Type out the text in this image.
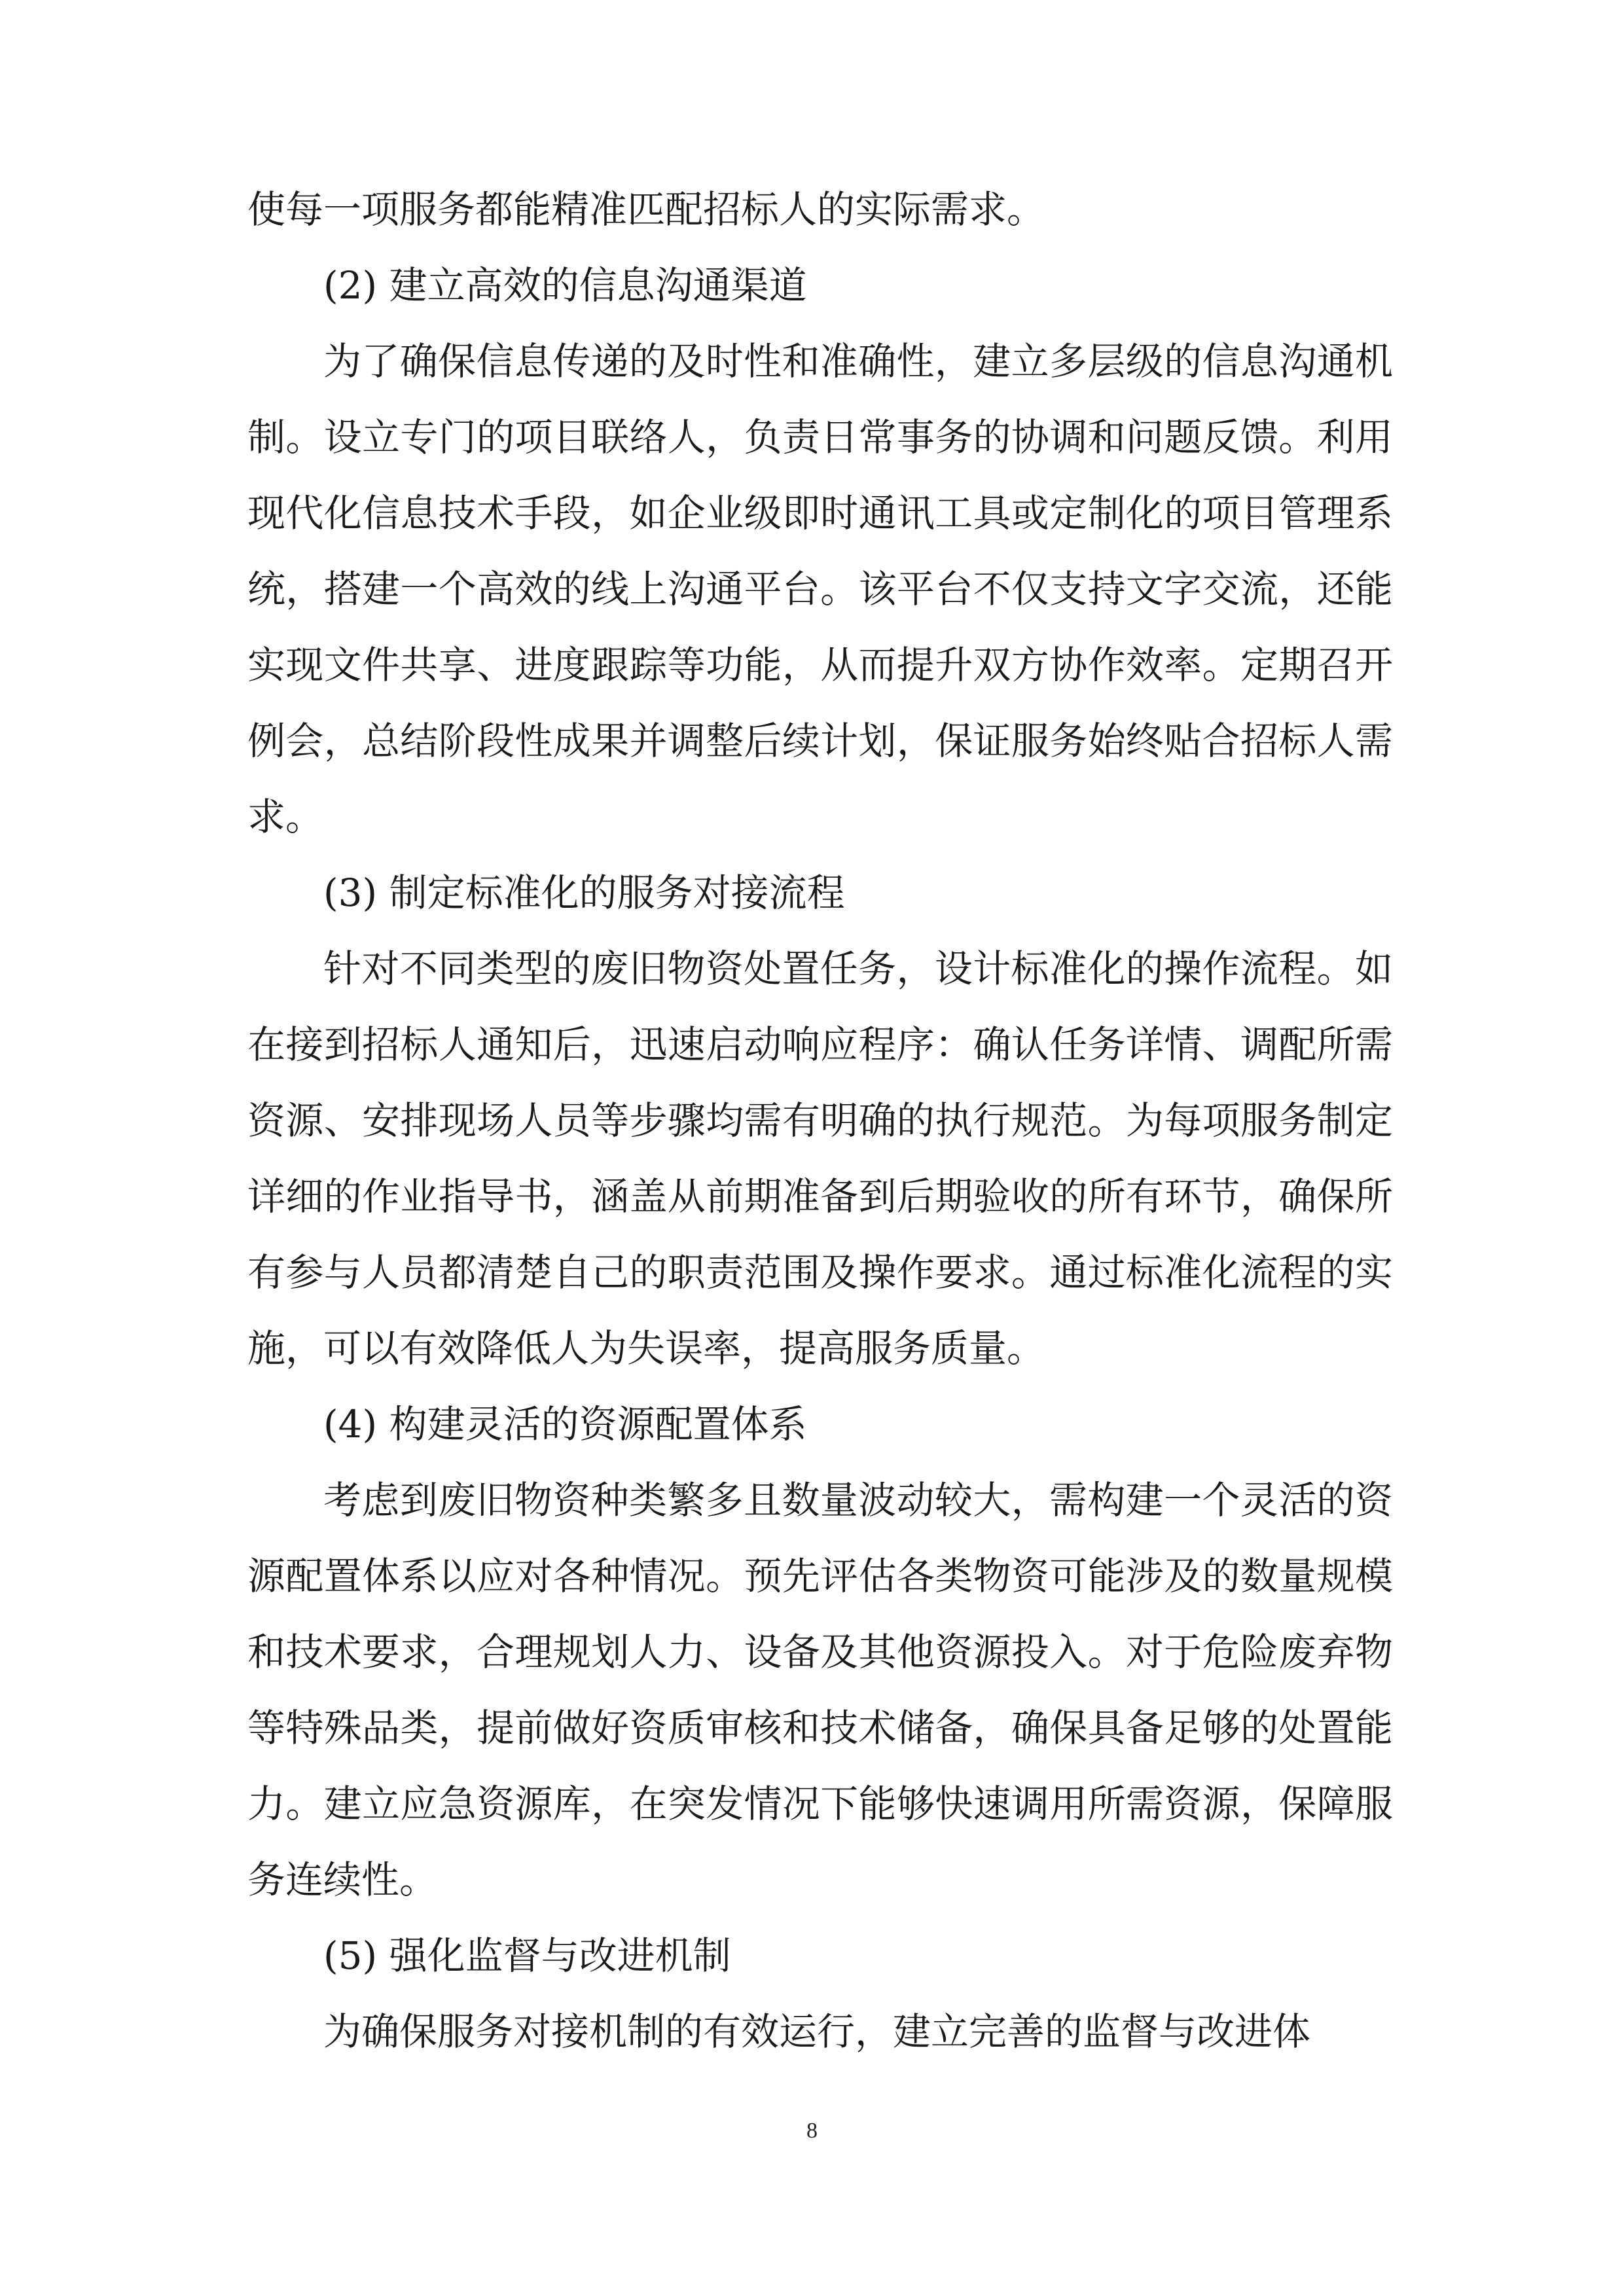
使每一项服务都能精准匹配招标人的实际需求。

(2) 建立高效的信息沟通渠道

为了确保信息传递的及时性和准确性，建立多层级的信息沟通机制。设立专门的项目联络人，负责日常事务的协调和问题反馈。利用现代化信息技术手段，如企业级即时通讯工具或定制化的项目管理系统，搭建一个高效的线上沟通平台。该平台不仅支持文字交流，还能实现文件共享、进度跟踪等功能，从而提升双方协作效率。定期召开例会，总结阶段性成果并调整后续计划，保证服务始终贴合招标人需求。

(3) 制定标准化的服务对接流程

针对不同类型的废旧物资处置任务，设计标准化的操作流程。如在接到招标人通知后，迅速启动响应程序：确认任务详情、调配所需资源、安排现场人员等步骤均需有明确的执行规范。为每项服务制定详细的作业指导书，涵盖从前期准备到后期验收的所有环节，确保所有参与人员都清楚自己的职责范围及操作要求。通过标准化流程的实施，可以有效降低人为失误率，提高服务质量。

(4) 构建灵活的资源配置体系

考虑到废旧物资种类繁多且数量波动较大，需构建一个灵活的资源配置体系以应对各种情况。预先评估各类物资可能涉及的数量规模和技术要求，合理规划人力、设备及其他资源投入。对于危险废弃物等特殊品类，提前做好资质审核和技术储备，确保具备足够的处置能力。建立应急资源库，在突发情况下能够快速调用所需资源，保障服务连续性。

(5) 强化监督与改进机制

为确保服务对接机制的有效运行，建立完善的监督与改进体

8
